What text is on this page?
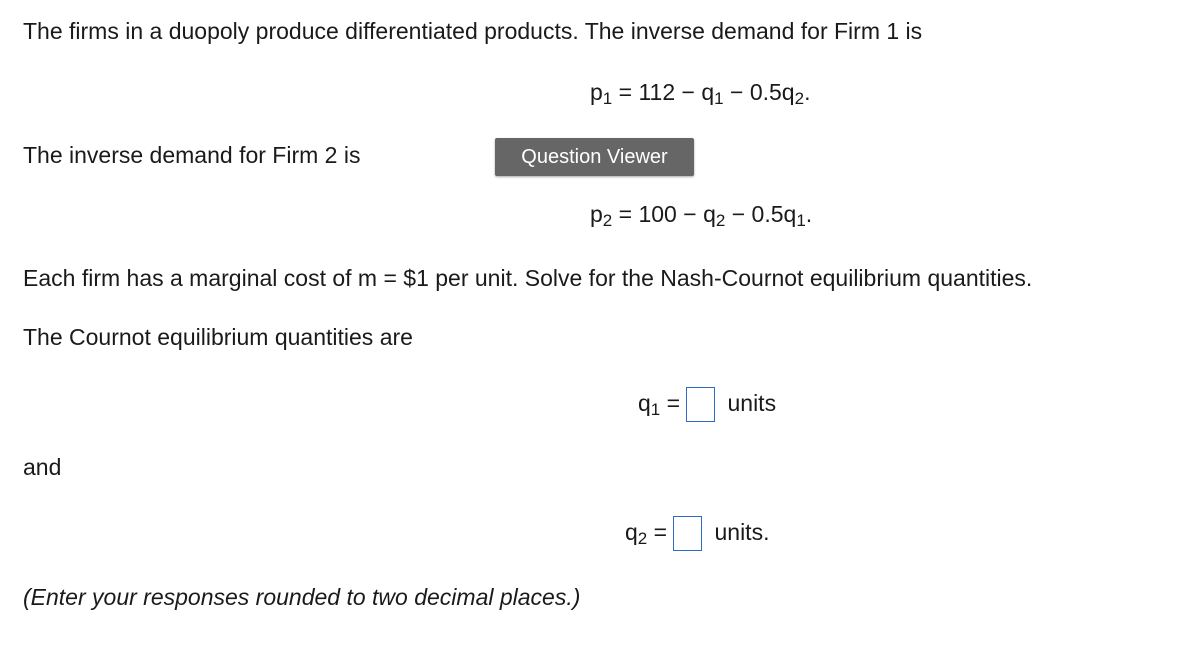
The firms in a duopoly produce differentiated products. The inverse demand for Firm 1 is
$p_1 = 112 - q_1 - 0.5q_2$.
The inverse demand for Firm 2 is	Question Viewer
$p_2 = 100 - q_2 - 0.5q_1$.
Each firm has a marginal cost of m = $1 per unit. Solve for the Nash-Cournot equilibrium quantities.
The Cournot equilibrium quantities are
$q_1$ = units
and
$q_2$ = units.
(Enter your responses rounded to two decimal places.)
